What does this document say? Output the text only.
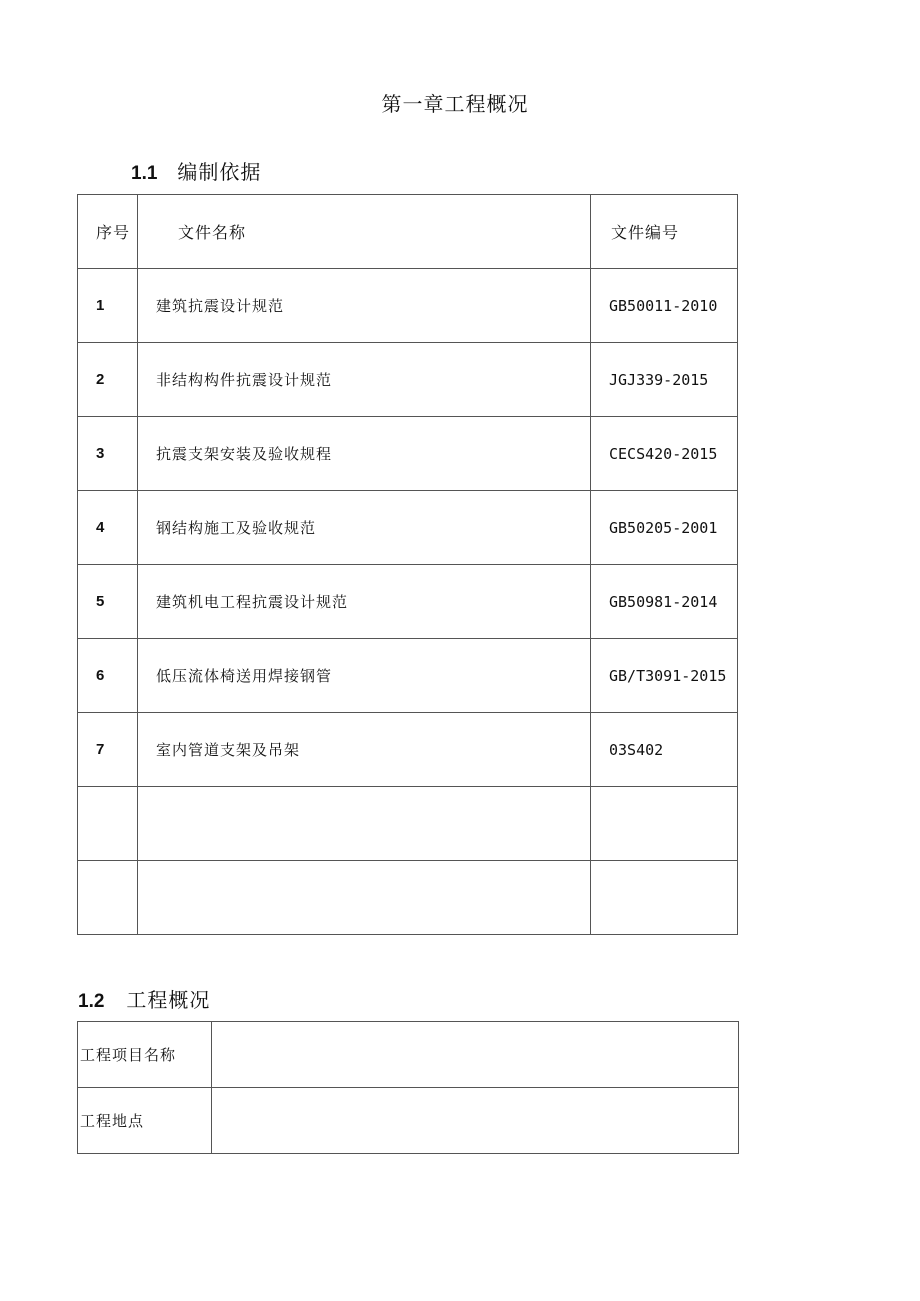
第一章工程概况
1.1 编制依据
序号	文件名称	文件编号
1	建筑抗震设计规范	GB50011-2010
2	非结构构件抗震设计规范	JGJ339-2015
3	抗震支架安装及验收规程	CECS420-2015
4	钢结构施工及验收规范	GB50205-2001
5	建筑机电工程抗震设计规范	GB50981-2014
6	低压流体椅送用焊接钢管	GB/T3091-2015
7	室内管道支架及吊架	03S402

1.2 工程概况
工程项目名称	
工程地点	
